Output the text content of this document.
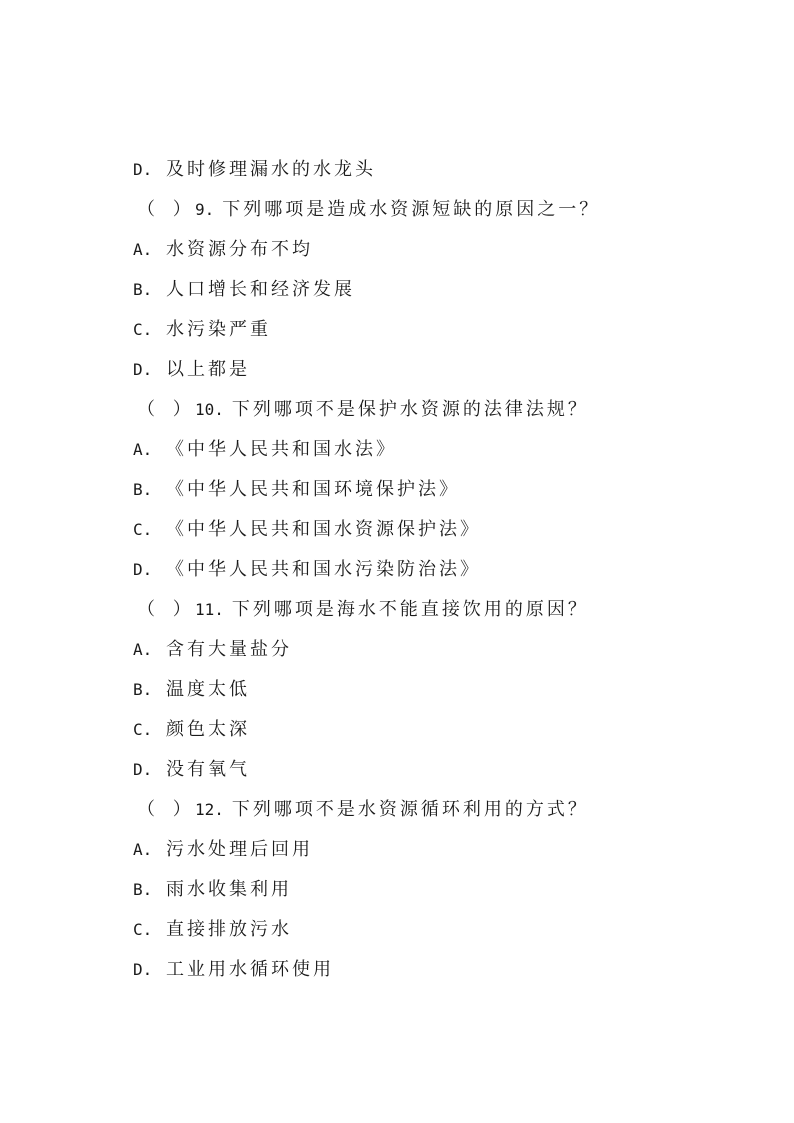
D. 及时修理漏水的水龙头
（ ）
9. 下列哪项是造成水资源短缺的原因之一？
A. 水资源分布不均
B. 人口增长和经济发展
C. 水污染严重
D. 以上都是
（ ）
10. 下列哪项不是保护水资源的法律法规？
A. 《中华人民共和国水法》
B. 《中华人民共和国环境保护法》
C. 《中华人民共和国水资源保护法》
D. 《中华人民共和国水污染防治法》
（ ）
11. 下列哪项是海水不能直接饮用的原因？
A. 含有大量盐分
B. 温度太低
C. 颜色太深
D. 没有氧气
（ ）
12. 下列哪项不是水资源循环利用的方式？
A. 污水处理后回用
B. 雨水收集利用
C. 直接排放污水
D. 工业用水循环使用
